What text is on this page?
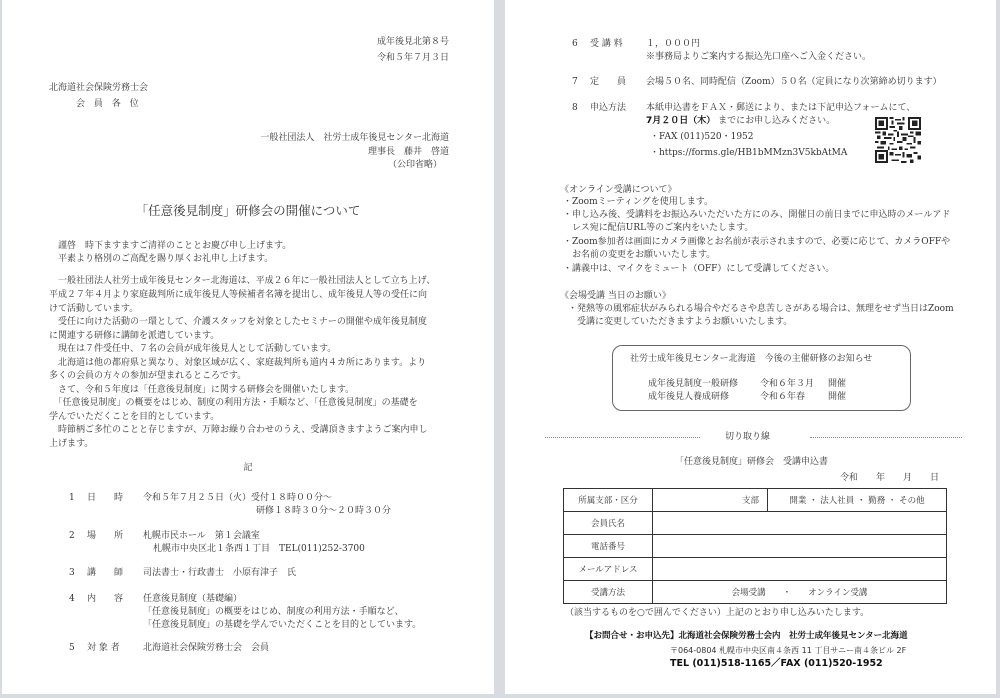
成年後見北第８号
令和５年７月３日
北海道社会保険労務士会
会 員 各 位
一般社団法人　社労士成年後見センター北海道
理事長　藤井　啓道
（公印省略）
「任意後見制度」研修会の開催について
謹啓　時下ますますご清祥のこととお慶び申し上げます。
平素より格別のご高配を賜り厚くお礼申し上げます。
　一般社団法人社労士成年後見センター北海道は、平成２６年に一般社団法人として立ち上げ、
平成２７年４月より家庭裁判所に成年後見人等候補者名簿を提出し、成年後見人等の受任に向
けて活動しています。
　受任に向けた活動の一環として、介護スタッフを対象としたセミナーの開催や成年後見制度
に関連する研修に講師を派遣しています。
　現在は７件受任中、７名の会員が成年後見人として活動しています。
　北海道は他の都府県と異なり、対象区域が広く、家庭裁判所も道内４カ所にあります。より
多くの会員の方々の参加が望まれるところです。
　さて、令和５年度は「任意後見制度」に関する研修会を開催いたします。
　「任意後見制度」の概要をはじめ、制度の利用方法・手順など、「任意後見制度」の基礎を
学んでいただくことを目的としています。
　時節柄ご多忙のことと存じますが、万障お繰り合わせのうえ、受講頂きますようご案内申し
上げます。
記
1 日　　時 令和５年７月２５日（火）受付１８時００分～
研修１８時３０分～２０時３０分
2 場　　所 札幌市民ホール　第１会議室
札幌市中央区北１条西１丁目　TEL(011)252-3700
3 講　　師 司法書士・行政書士　小原有津子　氏
4 内　　容 任意後見制度（基礎編）
「任意後見制度」の概要をはじめ、制度の利用方法・手順など、
「任意後見制度」の基礎を学んでいただくことを目的としています。
5 対 象 者	北海道社会保険労務士会　会員
6 受 講 料	１，０００円
※事務局よりご案内する振込先口座へご入金ください。
7 定　　員 会場５０名、同時配信（Zoom）５０名（定員になり次第締め切ります）
8 申込方法 本紙申込書をＦＡＸ・郵送により、または下記申込フォームにて、
7月２０日（木） までにお申し込みください。
・FAX (011)520・1952
・https://forms.gle/HB1bMMzn3V5kbAtMA
《オンライン受講について》
・Zoomミーティングを使用します。
・申し込み後、受講料をお振込みいただいた方にのみ、開催日の前日までに申込時のメールアド
　レス宛に配信URL等のご案内をいたします。
・Zoom参加者は画面にカメラ画像とお名前が表示されますので、必要に応じて、カメラOFFや
　お名前の変更をお願いいたします。
・講義中は、マイクをミュート（OFF）にして受講してください。
《会場受講 当日のお願い》
・発熱等の風邪症状がみられる場合やだるさや息苦しさがある場合は、無理をせず当日はZoom
　受講に変更していただきますようお願いいたします。
社労士成年後見センター北海道　今後の主催研修のお知らせ
成年後見制度一般研修 令和６年３月 開催
成年後見人養成研修	令和６年春	開催
切り取り線
「任意後見制度」研修会　受講申込書
令和　　年　　月　　日
所属支部・区分	支部	開業 ・ 法人社員 ・ 勤務 ・ その他
会員氏名		
電話番号		
メールアドレス		
受講方法	会場受講　　・　　オンライン受講	
（該当するものを○で囲んでください）上記のとおり申し込みいたします。
【お問合せ・お申込先】北海道社会保険労務士会内　社労士成年後見センター北海道
〒064-0804 札幌市中央区南４条西 11 丁目サニー南４条ビル 2F
TEL (011)518-1165／FAX (011)520-1952
